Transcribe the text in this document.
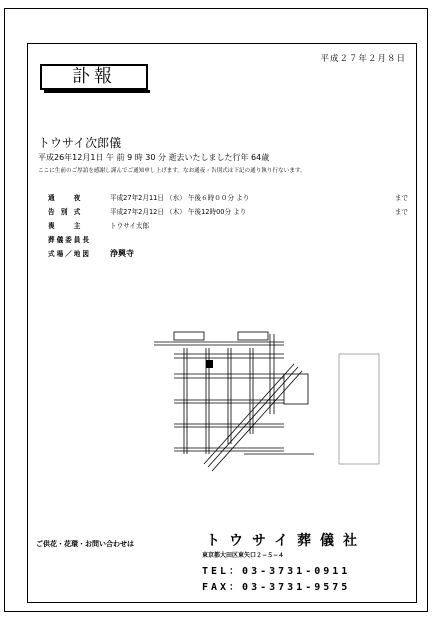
平成２７年２月８日
訃報
トウサイ次郎儀
平成26年12月1日 午 前 9 時 30 分 逝去いたしました行年 64歳
ここに生前のご厚誼を感謝し謹んでご通知申し上げます。なお通夜・告別式は下記の通り執り行ないます。
通　　夜	平成27年2月11日 （水） 午後６時００分 より	まで
告 別 式	平成27年2月12日 （木） 午後12時00分 より	まで
喪　　主	トウサイ太郎
葬儀委員長
式場／地図	浄興寺
ご供花・花環・お問い合わせは	トウサイ葬儀社
東京都大田区東矢口２−５−４
TEL：03-3731-0911
FAX：03-3731-9575
